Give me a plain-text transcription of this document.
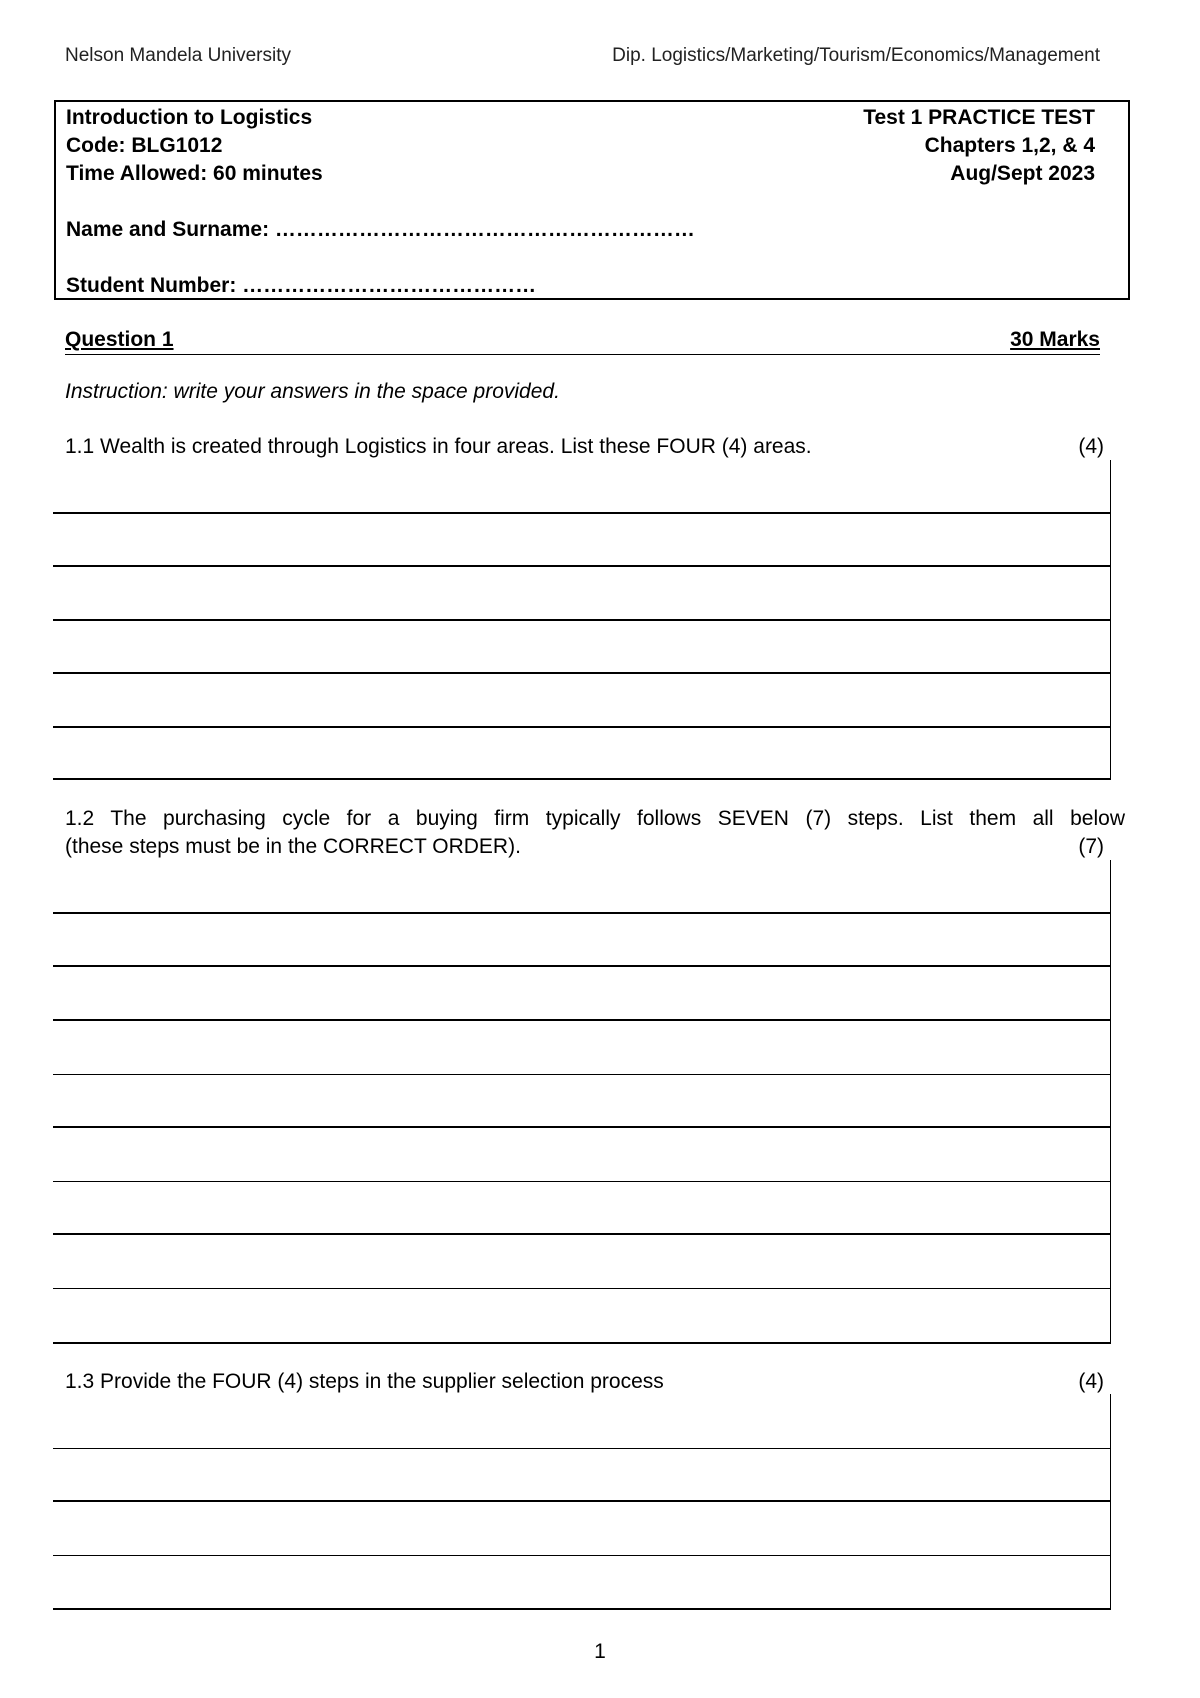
Nelson Mandela University	Dip. Logistics/Marketing/Tourism/Economics/Management
Introduction to Logistics	Test 1 PRACTICE TEST
Code: BLG1012	Chapters 1,2, & 4
Time Allowed: 60 minutes	Aug/Sept 2023
Name and Surname: ……………………………………………………
Student Number: ……………………………………
Question 1	30 Marks
Instruction: write your answers in the space provided.
1.1 Wealth is created through Logistics in four areas. List these FOUR (4) areas.	(4)
1.2 The purchasing cycle for a buying firm typically follows SEVEN (7) steps. List them all below
(these steps must be in the CORRECT ORDER).	(7)
1.3 Provide the FOUR (4) steps in the supplier selection process	(4)
1
